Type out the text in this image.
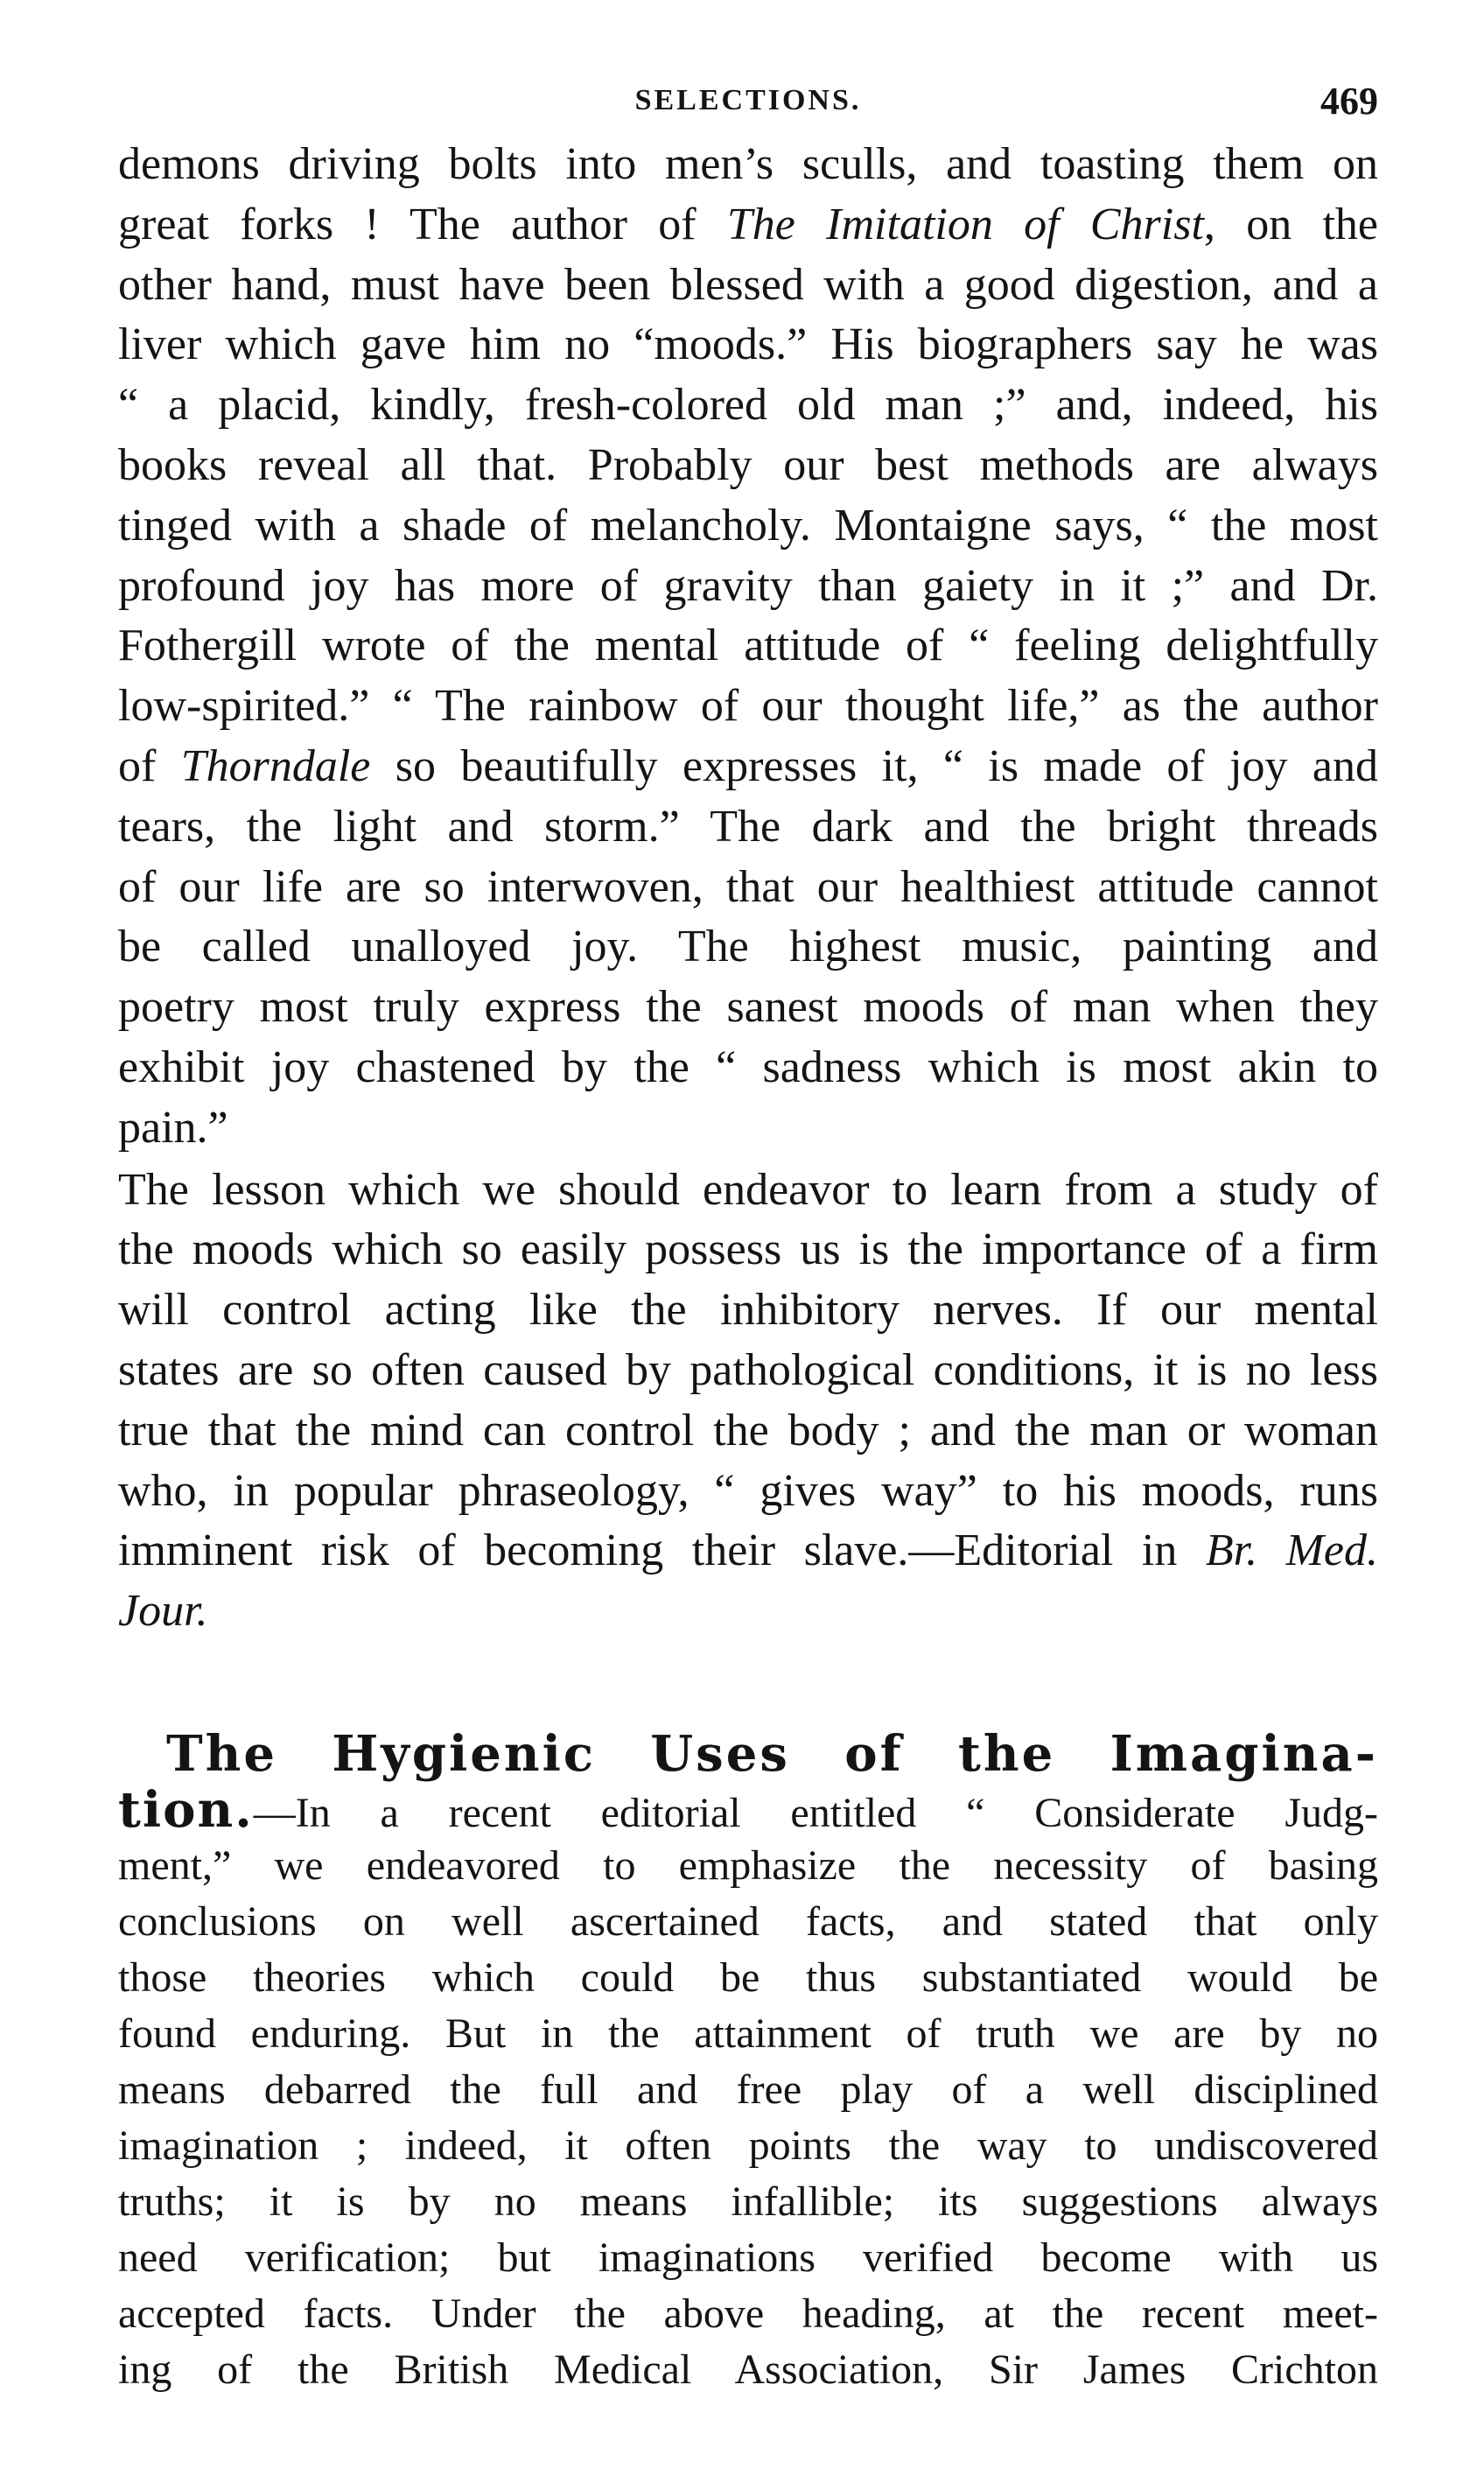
SELECTIONS.	469
demons driving bolts into men’s sculls, and toasting them on
great forks ! The author of The Imitation of Christ, on the
other hand, must have been blessed with a good digestion, and a
liver which gave him no “moods.” His biographers say he was
“ a placid, kindly, fresh-colored old man ;” and, indeed, his
books reveal all that. Probably our best methods are always
tinged with a shade of melancholy. Montaigne says, “ the most
profound joy has more of gravity than gaiety in it ;” and Dr.
Fothergill wrote of the mental attitude of “ feeling delightfully
low-spirited.” “ The rainbow of our thought life,” as the author
of Thorndale so beautifully expresses it, “ is made of joy and
tears, the light and storm.” The dark and the bright threads
of our life are so interwoven, that our healthiest attitude cannot
be called unalloyed joy. The highest music, painting and
poetry most truly express the sanest moods of man when they
exhibit joy chastened by the “ sadness which is most akin to
pain.”
The lesson which we should endeavor to learn from a study of
the moods which so easily possess us is the importance of a firm
will control acting like the inhibitory nerves. If our mental
states are so often caused by pathological conditions, it is no less
true that the mind can control the body ; and the man or woman
who, in popular phraseology, “ gives way” to his moods, runs
imminent risk of becoming their slave.—Editorial in Br. Med.
Jour.
The Hygienic Uses of the Imagina-
tion.—In a recent editorial entitled “ Considerate Judg-
ment,” we endeavored to emphasize the necessity of basing
conclusions on well ascertained facts, and stated that only
those theories which could be thus substantiated would be
found enduring. But in the attainment of truth we are by no
means debarred the full and free play of a well disciplined
imagination ; indeed, it often points the way to undiscovered
truths; it is by no means infallible; its suggestions always
need verification; but imaginations verified become with us
accepted facts. Under the above heading, at the recent meet-
ing of the British Medical Association, Sir James Crichton
